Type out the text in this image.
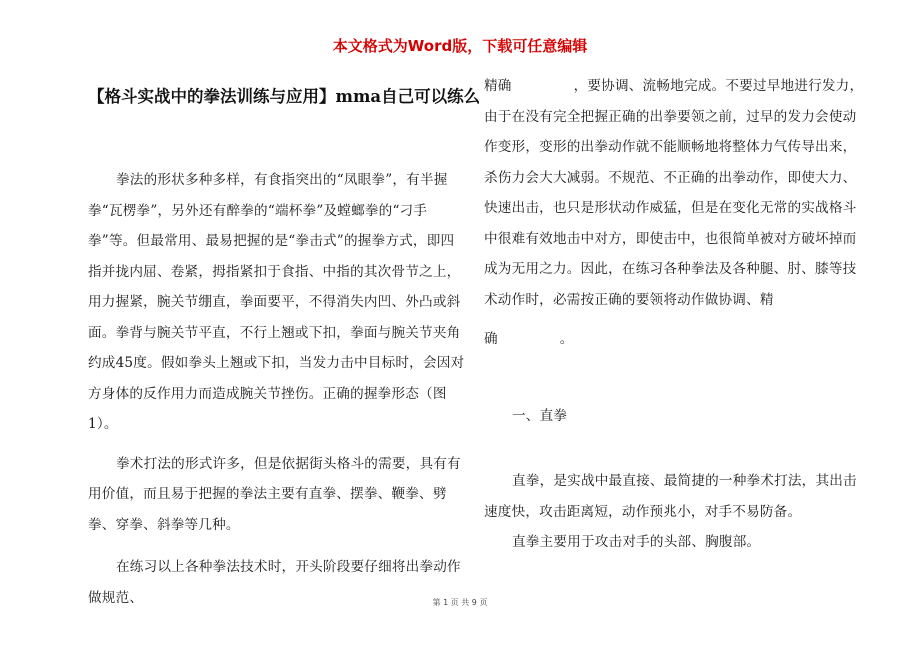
本文格式为Word版，下载可任意编辑
【格斗实战中的拳法训练与应用】mma自己可以练么

拳法的形状多种多样，有食指突出的“凤眼拳”，有半握拳“瓦楞拳”，另外还有醉拳的“端杯拳”及螳螂拳的“刁手拳”等。但最常用、最易把握的是“拳击式”的握拳方式，即四指并拢内屈、卷紧，拇指紧扣于食指、中指的其次骨节之上，用力握紧，腕关节绷直，拳面要平，不得消失内凹、外凸或斜面。拳背与腕关节平直，不行上翘或下扣，拳面与腕关节夹角约成45度。假如拳头上翘或下扣，当发力击中目标时，会因对方身体的反作用力而造成腕关节挫伤。正确的握拳形态（图1）。

拳术打法的形式许多，但是依据街头格斗的需要，具有有用价值，而且易于把握的拳法主要有直拳、摆拳、鞭拳、劈拳、穿拳、斜拳等几种。

在练习以上各种拳法技术时，开头阶段要仔细将出拳动作做规范、

精确	，要协调、流畅地完成。不要过早地进行发力，由于在没有完全把握正确的出拳要领之前，过早的发力会使动作变形，变形的出拳动作就不能顺畅地将整体力气传导出来，杀伤力会大大减弱。不规范、不正确的出拳动作，即使大力、快速出击，也只是形状动作威猛，但是在变化无常的实战格斗中很难有效地击中对方，即使击中，也很简单被对方破坏掉而成为无用之力。因此，在练习各种拳法及各种腿、肘、膝等技术动作时，必需按正确的要领将动作做协调、精

确	。

一、直拳

直拳，是实战中最直接、最简捷的一种拳术打法，其出击速度快，攻击距离短，动作预兆小，对手不易防备。

直拳主要用于攻击对手的头部、胸腹部。

第 1 页 共 9 页
